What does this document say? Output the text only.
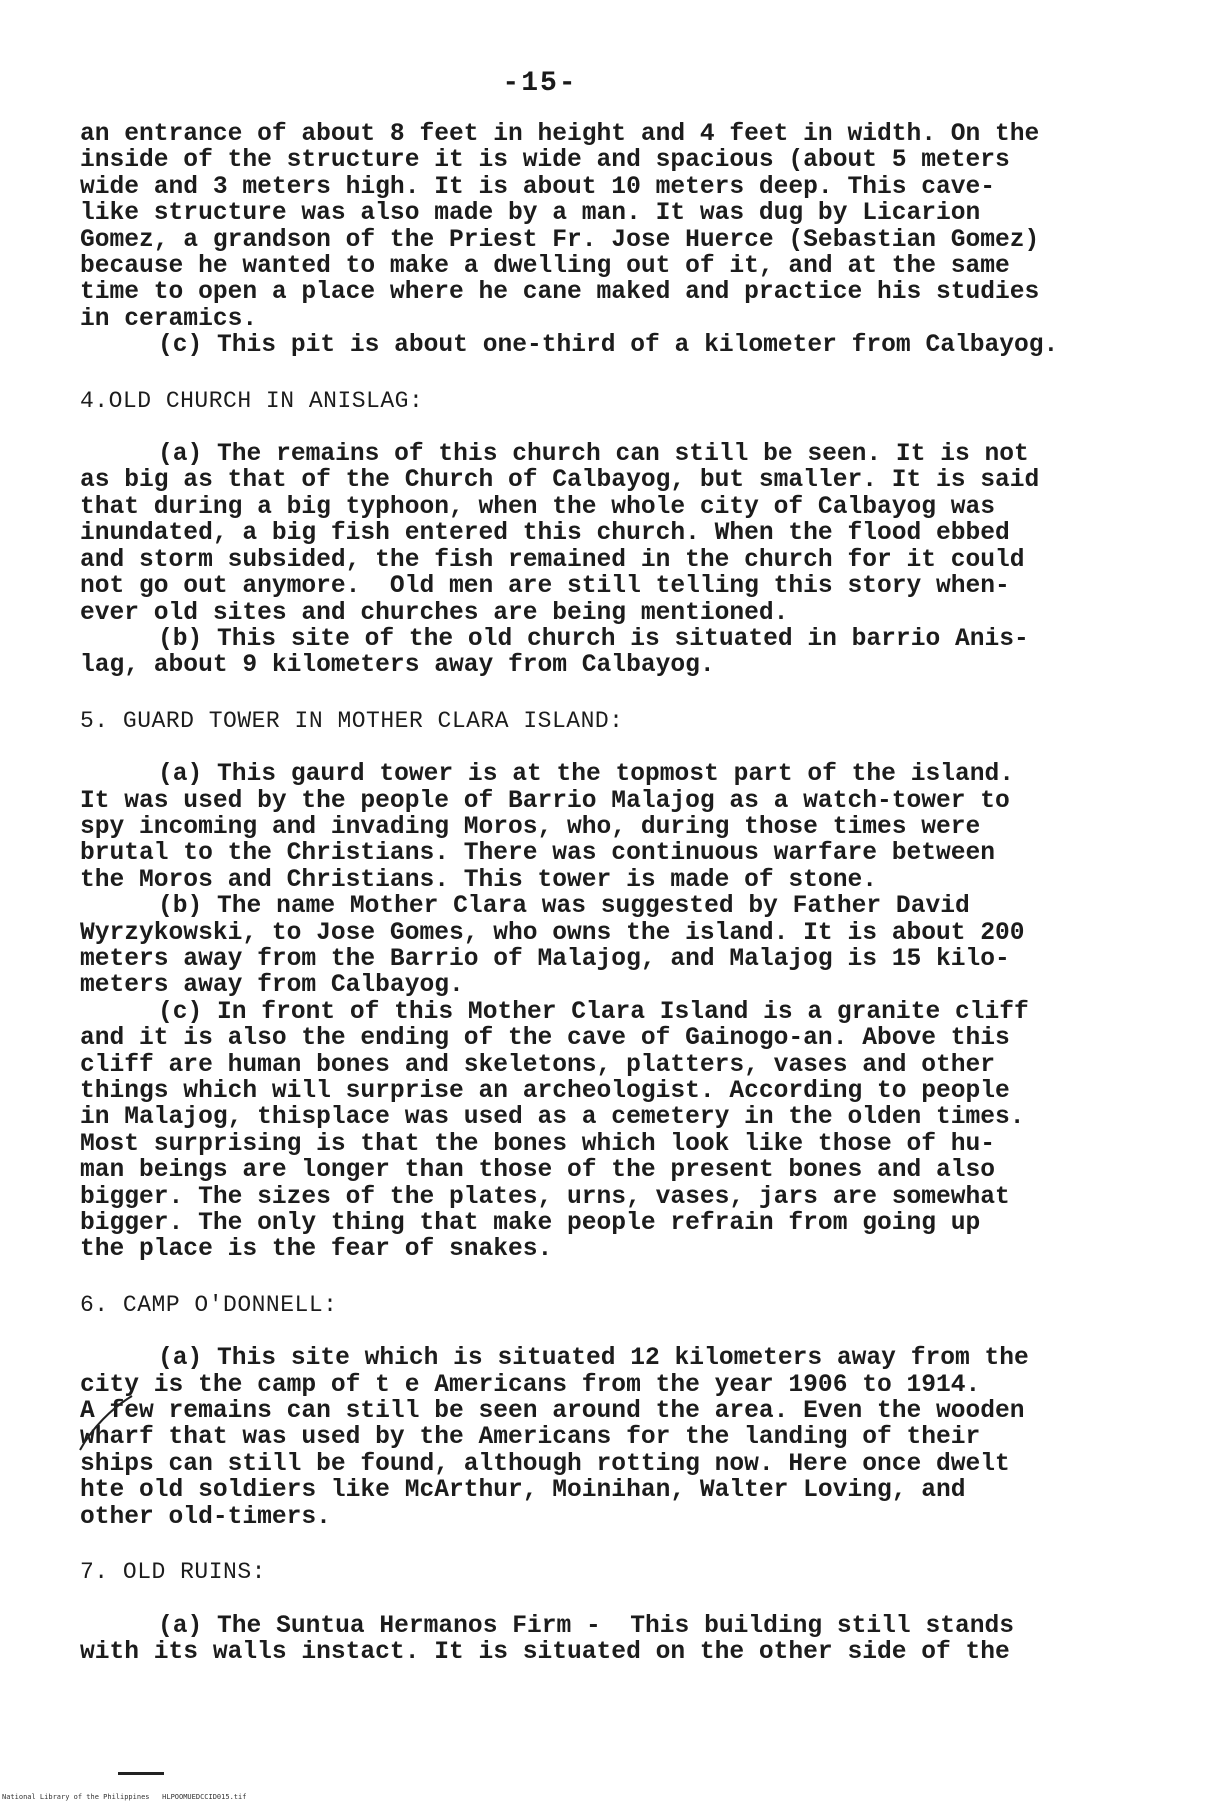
-15-
an entrance of about 8 feet in height and 4 feet in width. On the
inside of the structure it is wide and spacious (about 5 meters
wide and 3 meters high. It is about 10 meters deep. This cave-
like structure was also made by a man. It was dug by Licarion
Gomez, a grandson of the Priest Fr. Jose Huerce (Sebastian Gomez)
because he wanted to make a dwelling out of it, and at the same
time to open a place where he cane maked and practice his studies
in ceramics.
(c) This pit is about one-third of a kilometer from Calbayog.
4.OLD CHURCH IN ANISLAG:
(a) The remains of this church can still be seen. It is not
as big as that of the Church of Calbayog, but smaller. It is said
that during a big typhoon, when the whole city of Calbayog was
inundated, a big fish entered this church. When the flood ebbed
and storm subsided, the fish remained in the church for it could
not go out anymore.  Old men are still telling this story when-
ever old sites and churches are being mentioned.
(b) This site of the old church is situated in barrio Anis-
lag, about 9 kilometers away from Calbayog.
5. GUARD TOWER IN MOTHER CLARA ISLAND:
(a) This gaurd tower is at the topmost part of the island.
It was used by the people of Barrio Malajog as a watch-tower to
spy incoming and invading Moros, who, during those times were
brutal to the Christians. There was continuous warfare between
the Moros and Christians. This tower is made of stone.
(b) The name Mother Clara was suggested by Father David
Wyrzykowski, to Jose Gomes, who owns the island. It is about 200
meters away from the Barrio of Malajog, and Malajog is 15 kilo-
meters away from Calbayog.
(c) In front of this Mother Clara Island is a granite cliff
and it is also the ending of the cave of Gainogo-an. Above this
cliff are human bones and skeletons, platters, vases and other
things which will surprise an archeologist. According to people
in Malajog, thisplace was used as a cemetery in the olden times.
Most surprising is that the bones which look like those of hu-
man beings are longer than those of the present bones and also
bigger. The sizes of the plates, urns, vases, jars are somewhat
bigger. The only thing that make people refrain from going up
the place is the fear of snakes.
6. CAMP O'DONNELL:
(a) This site which is situated 12 kilometers away from the
city is the camp of t e Americans from the year 1906 to 1914.
A few remains can still be seen around the area. Even the wooden
wharf that was used by the Americans for the landing of their
ships can still be found, although rotting now. Here once dwelt
hte old soldiers like McArthur, Moinihan, Walter Loving, and
other old-timers.
7. OLD RUINS:
(a) The Suntua Hermanos Firm -  This building still stands
with its walls instact. It is situated on the other side of the
National Library of the Philippines   HLPOOMUEDCCID015.tif
